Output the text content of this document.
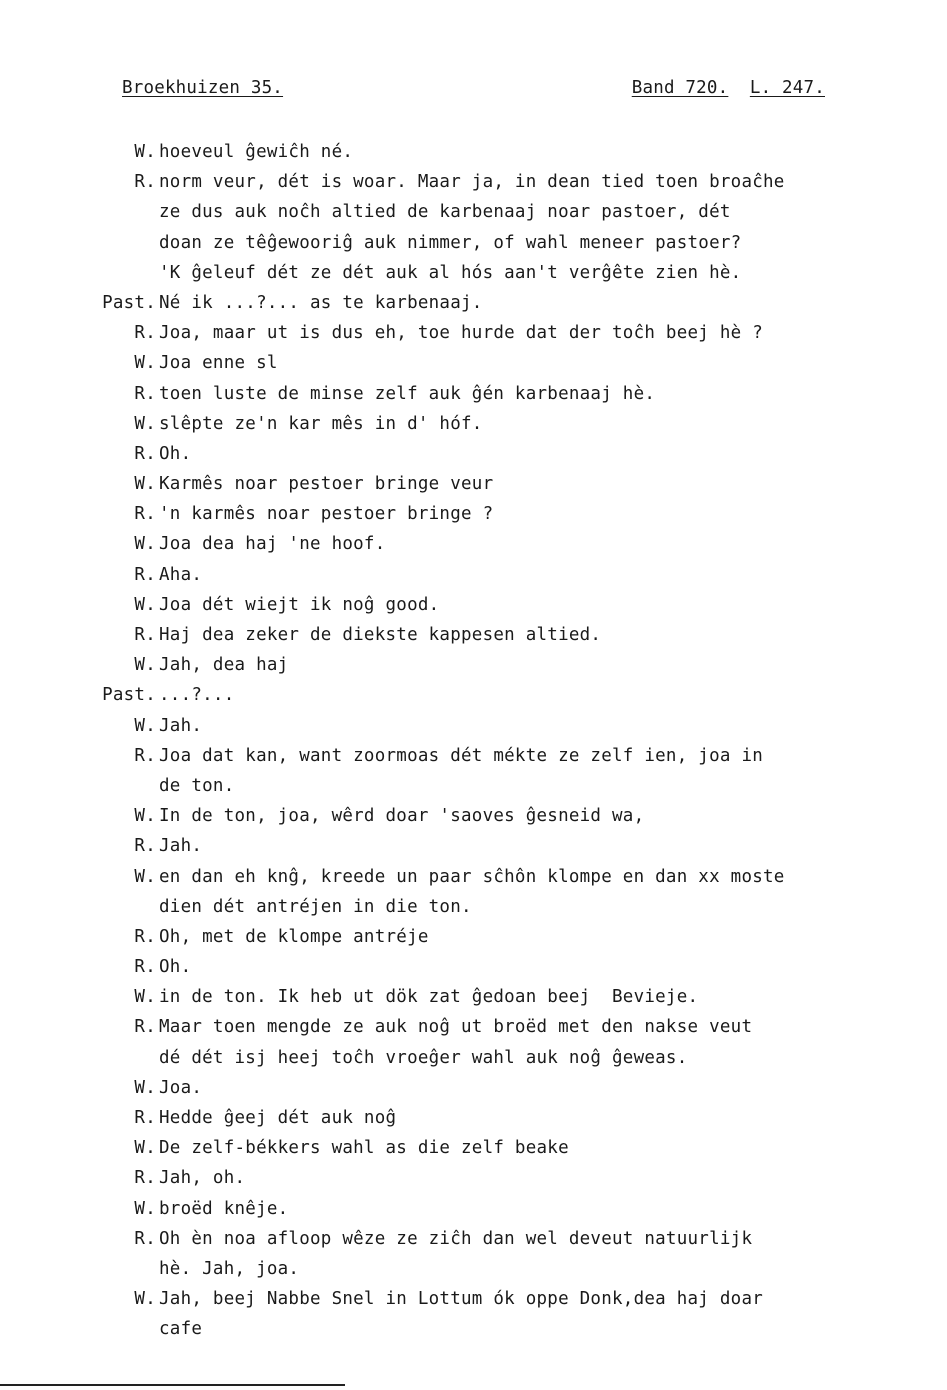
Broekhuizen 35.	Band 720. L. 247.
W. hoeveul ĝewiĉh né.
R. norm veur, dét is woar. Maar ja, in dean tied toen broaĉhe
ze dus auk noĉh altied de karbenaaj noar pastoer, dét
doan ze têĝewooriĝ auk nimmer, of wahl meneer pastoer?
'K ĝeleuf dét ze dét auk al hós aan't verĝête zien hè.
Past. Né ik ...?... as te karbenaaj.
R. Joa, maar ut is dus eh, toe hurde dat der toĉh beej hè ?
W. Joa enne sl
R. toen luste de minse zelf auk ĝén karbenaaj hè.
W. slêpte ze'n kar mês in d' hóf.
R. Oh.
W. Karmês noar pestoer bringe veur
R. 'n karmês noar pestoer bringe ?
W. Joa dea haj 'ne hoof.
R. Aha.
W. Joa dét wiejt ik noĝ good.
R. Haj dea zeker de diekste kappesen altied.
W. Jah, dea haj
Past. ...?...
W. Jah.
R. Joa dat kan, want zoormoas dét mékte ze zelf ien, joa in
de ton.
W. In de ton, joa, wêrd doar 'saoves ĝesneid wa,
R. Jah.
W. en dan eh knĝ, kreede un paar sĉhôn klompe en dan xx moste
dien dét antréjen in die ton.
R. Oh, met de klompe antréje
R. Oh.
W. in de ton. Ik heb ut dök zat ĝedoan beej  Bevieje.
R. Maar toen mengde ze auk noĝ ut broëd met den nakse veut
dé dét isj heej toĉh vroeĝer wahl auk noĝ ĝeweas.
W. Joa.
R. Hedde ĝeej dét auk noĝ
W. De zelf-békkers wahl as die zelf beake
R. Jah, oh.
W. broëd knêje.
R. Oh èn noa afloop wêze ze ziĉh dan wel deveut natuurlijk
hè. Jah, joa.
W. Jah, beej Nabbe Snel in Lottum ók oppe Donk,dea haj doar
cafe
